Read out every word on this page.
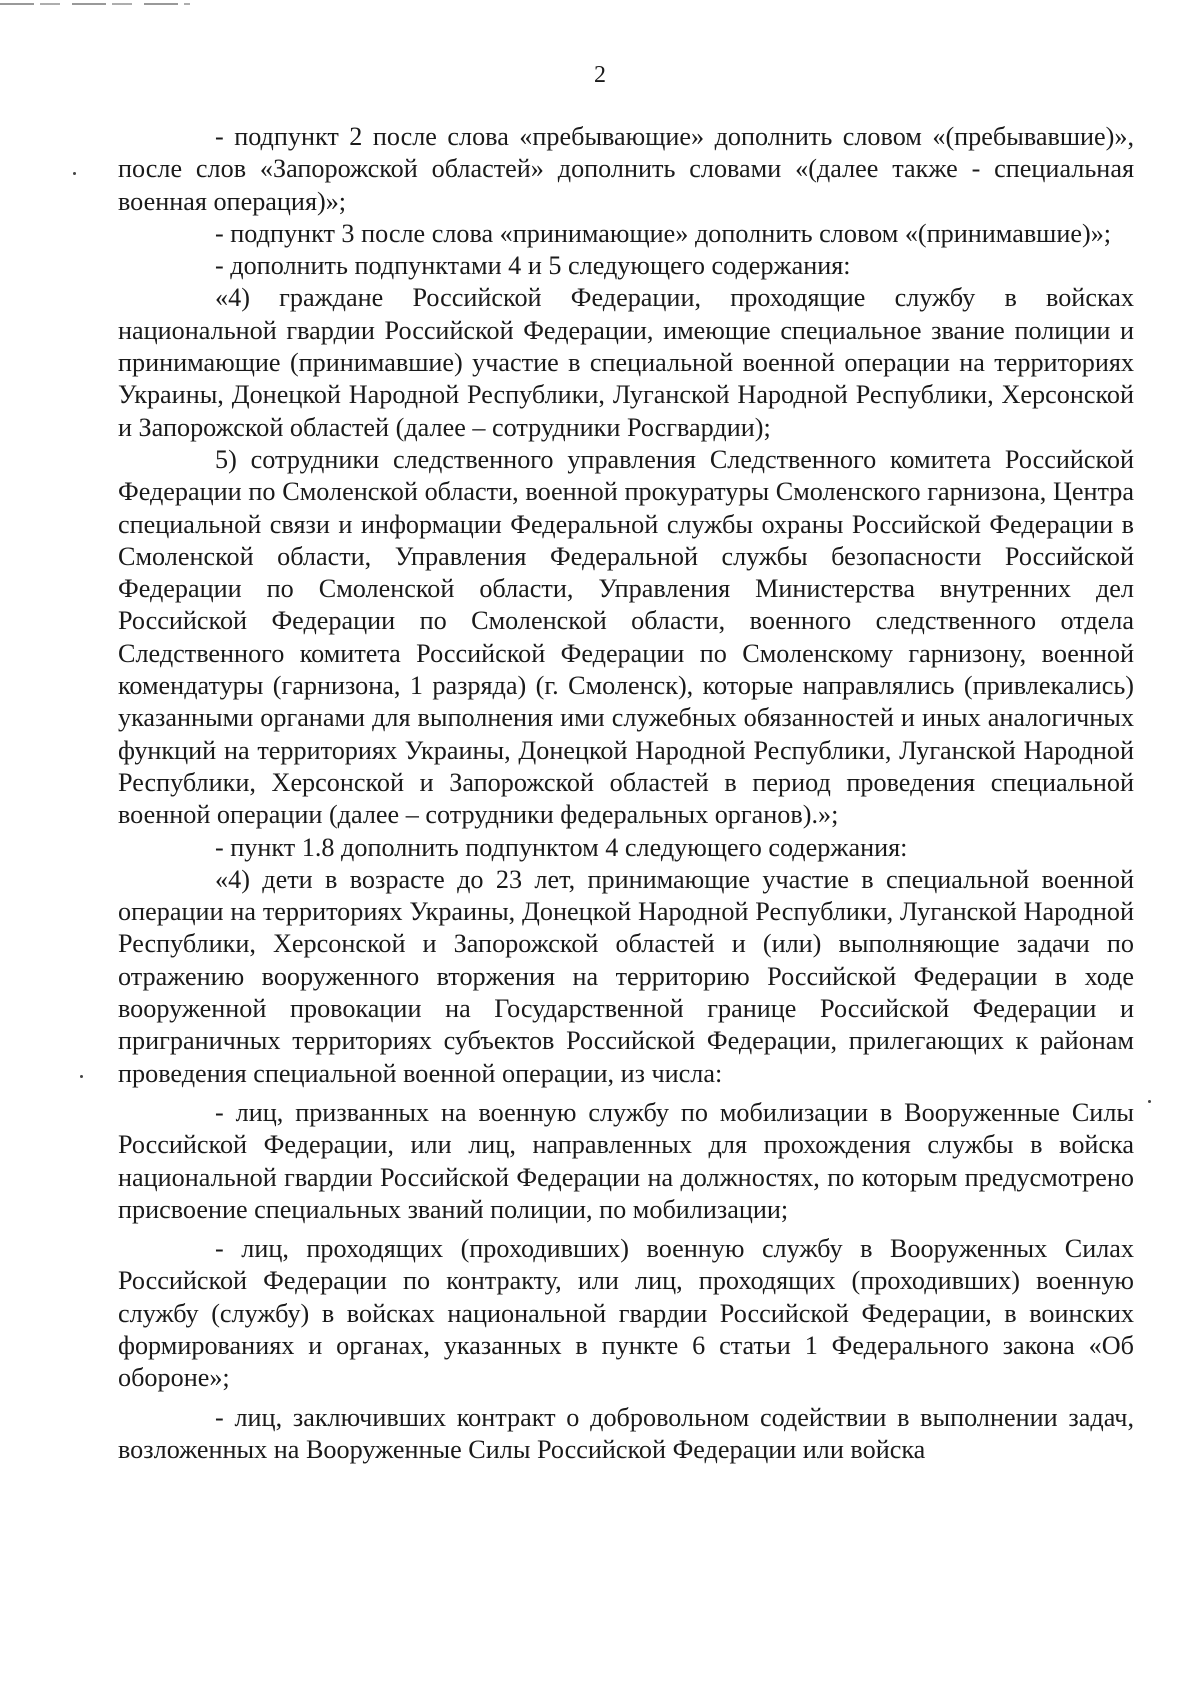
2

- подпункт 2 после слова «пребывающие» дополнить словом «(пребывавшие)», после слов «Запорожской областей» дополнить словами «(далее также - специальная военная операция)»;

- подпункт 3 после слова «принимающие» дополнить словом «(принимавшие)»;

- дополнить подпунктами 4 и 5 следующего содержания:

«4) граждане Российской Федерации, проходящие службу в войсках национальной гвардии Российской Федерации, имеющие специальное звание полиции и принимающие (принимавшие) участие в специальной военной операции на территориях Украины, Донецкой Народной Республики, Луганской Народной Республики, Херсонской и Запорожской областей (далее – сотрудники Росгвардии);

5) сотрудники следственного управления Следственного комитета Российской Федерации по Смоленской области, военной прокуратуры Смоленского гарнизона, Центра специальной связи и информации Федеральной службы охраны Российской Федерации в Смоленской области, Управления Федеральной службы безопасности Российской Федерации по Смоленской области, Управления Министерства внутренних дел Российской Федерации по Смоленской области, военного следственного отдела Следственного комитета Российской Федерации по Смоленскому гарнизону, военной комендатуры (гарнизона, 1 разряда) (г. Смоленск), которые направлялись (привлекались) указанными органами для выполнения ими служебных обязанностей и иных аналогичных функций на территориях Украины, Донецкой Народной Республики, Луганской Народной Республики, Херсонской и Запорожской областей в период проведения специальной военной операции (далее – сотрудники федеральных органов).»;

- пункт 1.8 дополнить подпунктом 4 следующего содержания:

«4) дети в возрасте до 23 лет, принимающие участие в специальной военной операции на территориях Украины, Донецкой Народной Республики, Луганской Народной Республики, Херсонской и Запорожской областей и (или) выполняющие задачи по отражению вооруженного вторжения на территорию Российской Федерации в ходе вооруженной провокации на Государственной границе Российской Федерации и приграничных территориях субъектов Российской Федерации, прилегающих к районам проведения специальной военной операции, из числа:

- лиц, призванных на военную службу по мобилизации в Вооруженные Силы Российской Федерации, или лиц, направленных для прохождения службы в войска национальной гвардии Российской Федерации на должностях, по которым предусмотрено присвоение специальных званий полиции, по мобилизации;

- лиц, проходящих (проходивших) военную службу в Вооруженных Силах Российской Федерации по контракту, или лиц, проходящих (проходивших) военную службу (службу) в войсках национальной гвардии Российской Федерации, в воинских формированиях и органах, указанных в пункте 6 статьи 1 Федерального закона «Об обороне»;

- лиц, заключивших контракт о добровольном содействии в выполнении задач, возложенных на Вооруженные Силы Российской Федерации или войска
